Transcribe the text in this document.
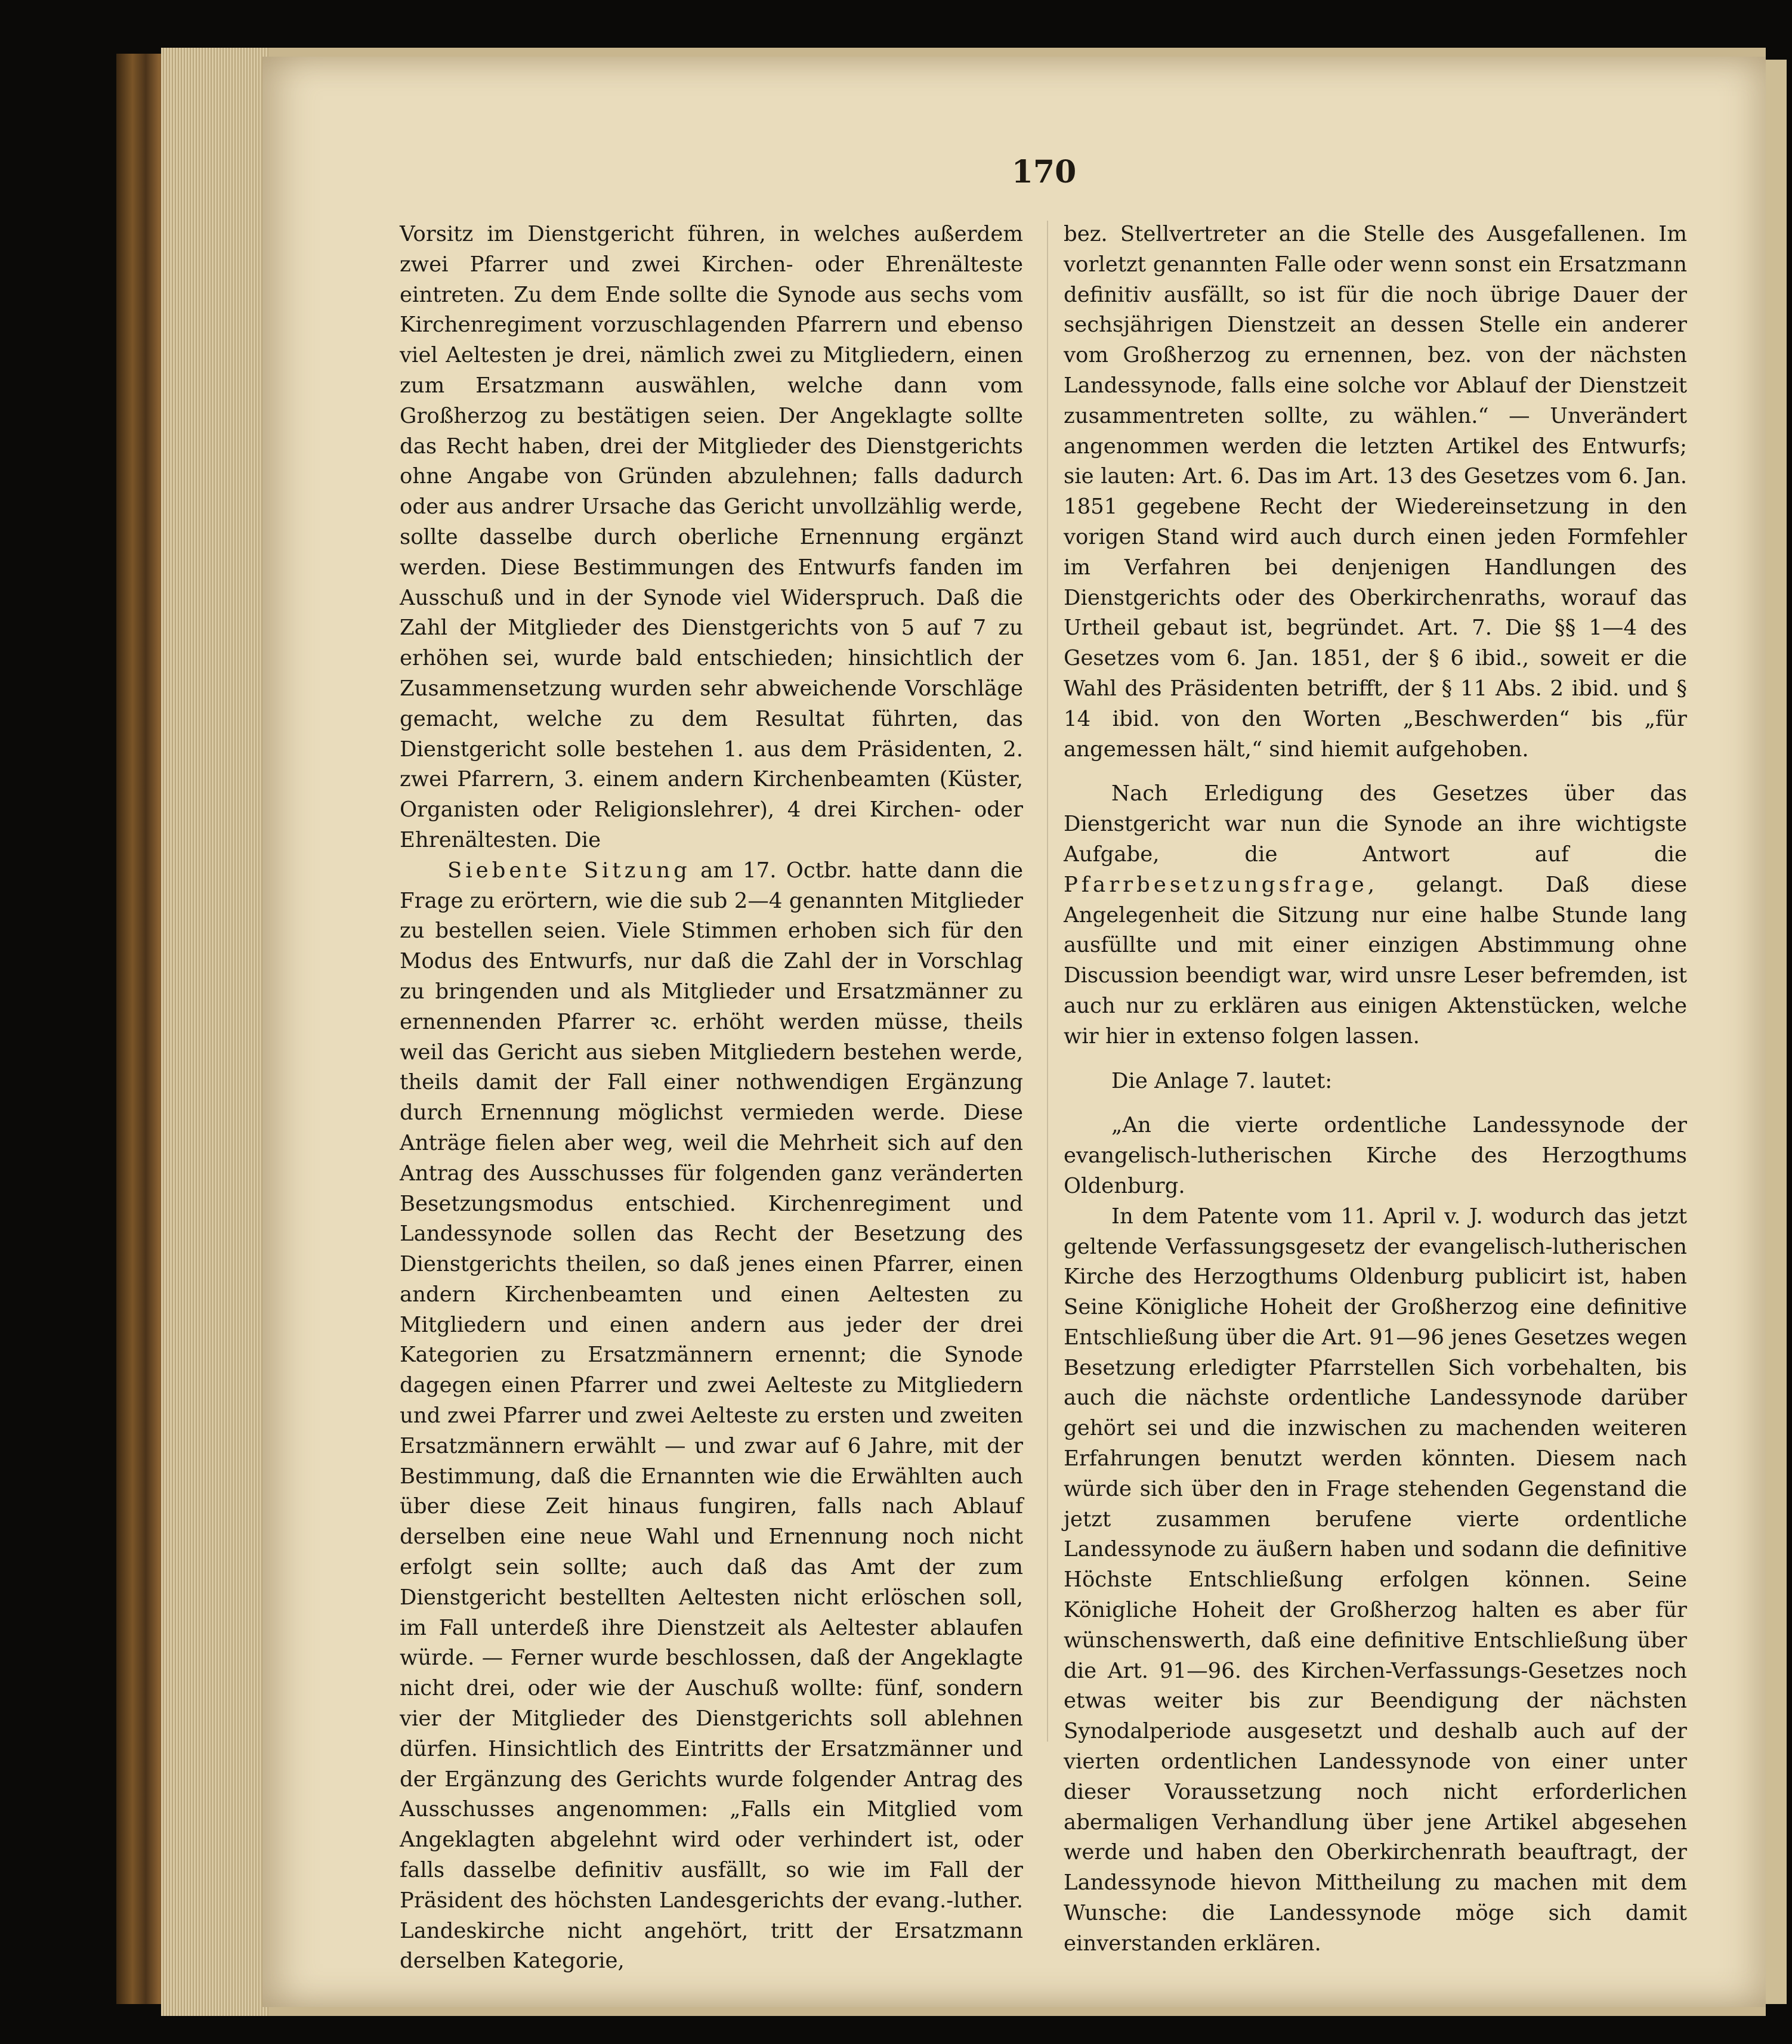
170

Vorsitz im Dienstgericht führen, in welches außerdem zwei Pfarrer und zwei Kirchen- oder Ehrenälteste eintreten. Zu dem Ende sollte die Synode aus sechs vom Kirchenregiment vorzuschlagenden Pfarrern und ebenso viel Aeltesten je drei, nämlich zwei zu Mitgliedern, einen zum Ersatzmann auswählen, welche dann vom Großherzog zu bestätigen seien. Der Angeklagte sollte das Recht haben, drei der Mitglieder des Dienstgerichts ohne Angabe von Gründen abzulehnen; falls dadurch oder aus andrer Ursache das Gericht unvollzählig werde, sollte dasselbe durch oberliche Ernennung ergänzt werden. Diese Bestimmungen des Entwurfs fanden im Ausschuß und in der Synode viel Widerspruch. Daß die Zahl der Mitglieder des Dienstgerichts von 5 auf 7 zu erhöhen sei, wurde bald entschieden; hinsichtlich der Zusammensetzung wurden sehr abweichende Vorschläge gemacht, welche zu dem Resultat führten, das Dienstgericht solle bestehen 1. aus dem Präsidenten, 2. zwei Pfarrern, 3. einem andern Kirchenbeamten (Küster, Organisten oder Religionslehrer), 4 drei Kirchen- oder Ehrenältesten. Die

Siebente Sitzung am 17. Octbr. hatte dann die Frage zu erörtern, wie die sub 2—4 genannten Mitglieder zu bestellen seien. Viele Stimmen erhoben sich für den Modus des Entwurfs, nur daß die Zahl der in Vorschlag zu bringenden und als Mitglieder und Ersatzmänner zu ernennenden Pfarrer ꝛc. erhöht werden müsse, theils weil das Gericht aus sieben Mitgliedern bestehen werde, theils damit der Fall einer nothwendigen Ergänzung durch Ernennung möglichst vermieden werde. Diese Anträge fielen aber weg, weil die Mehrheit sich auf den Antrag des Ausschusses für folgenden ganz veränderten Besetzungsmodus entschied. Kirchenregiment und Landessynode sollen das Recht der Besetzung des Dienstgerichts theilen, so daß jenes einen Pfarrer, einen andern Kirchenbeamten und einen Aeltesten zu Mitgliedern und einen andern aus jeder der drei Kategorien zu Ersatzmännern ernennt; die Synode dagegen einen Pfarrer und zwei Aelteste zu Mitgliedern und zwei Pfarrer und zwei Aelteste zu ersten und zweiten Ersatzmännern erwählt — und zwar auf 6 Jahre, mit der Bestimmung, daß die Ernannten wie die Erwählten auch über diese Zeit hinaus fungiren, falls nach Ablauf derselben eine neue Wahl und Ernennung noch nicht erfolgt sein sollte; auch daß das Amt der zum Dienstgericht bestellten Aeltesten nicht erlöschen soll, im Fall unterdeß ihre Dienstzeit als Aeltester ablaufen würde. — Ferner wurde beschlossen, daß der Angeklagte nicht drei, oder wie der Auschuß wollte: fünf, sondern vier der Mitglieder des Dienstgerichts soll ablehnen dürfen. Hinsichtlich des Eintritts der Ersatzmänner und der Ergänzung des Gerichts wurde folgender Antrag des Ausschusses angenommen: „Falls ein Mitglied vom Angeklagten abgelehnt wird oder verhindert ist, oder falls dasselbe definitiv ausfällt, so wie im Fall der Präsident des höchsten Landesgerichts der evang.-luther. Landeskirche nicht angehört, tritt der Ersatzmann derselben Kategorie,

bez. Stellvertreter an die Stelle des Ausgefallenen. Im vorletzt genannten Falle oder wenn sonst ein Ersatzmann definitiv ausfällt, so ist für die noch übrige Dauer der sechsjährigen Dienstzeit an dessen Stelle ein anderer vom Großherzog zu ernennen, bez. von der nächsten Landessynode, falls eine solche vor Ablauf der Dienstzeit zusammentreten sollte, zu wählen.“ — Unverändert angenommen werden die letzten Artikel des Entwurfs; sie lauten: Art. 6. Das im Art. 13 des Gesetzes vom 6. Jan. 1851 gegebene Recht der Wiedereinsetzung in den vorigen Stand wird auch durch einen jeden Formfehler im Verfahren bei denjenigen Handlungen des Dienstgerichts oder des Oberkirchenraths, worauf das Urtheil gebaut ist, begründet. Art. 7. Die §§ 1—4 des Gesetzes vom 6. Jan. 1851, der § 6 ibid., soweit er die Wahl des Präsidenten betrifft, der § 11 Abs. 2 ibid. und § 14 ibid. von den Worten „Beschwerden“ bis „für angemessen hält,“ sind hiemit aufgehoben.

Nach Erledigung des Gesetzes über das Dienstgericht war nun die Synode an ihre wichtigste Aufgabe, die Antwort auf die Pfarrbesetzungsfrage, gelangt. Daß diese Angelegenheit die Sitzung nur eine halbe Stunde lang ausfüllte und mit einer einzigen Abstimmung ohne Discussion beendigt war, wird unsre Leser befremden, ist auch nur zu erklären aus einigen Aktenstücken, welche wir hier in extenso folgen lassen.

Die Anlage 7. lautet:

„An die vierte ordentliche Landessynode der evangelisch-lutherischen Kirche des Herzogthums Oldenburg.

In dem Patente vom 11. April v. J. wodurch das jetzt geltende Verfassungsgesetz der evangelisch-lutherischen Kirche des Herzogthums Oldenburg publicirt ist, haben Seine Königliche Hoheit der Großherzog eine definitive Entschließung über die Art. 91—96 jenes Gesetzes wegen Besetzung erledigter Pfarrstellen Sich vorbehalten, bis auch die nächste ordentliche Landessynode darüber gehört sei und die inzwischen zu machenden weiteren Erfahrungen benutzt werden könnten. Diesem nach würde sich über den in Frage stehenden Gegenstand die jetzt zusammen berufene vierte ordentliche Landessynode zu äußern haben und sodann die definitive Höchste Entschließung erfolgen können. Seine Königliche Hoheit der Großherzog halten es aber für wünschenswerth, daß eine definitive Entschließung über die Art. 91—96. des Kirchen-Verfassungs-Gesetzes noch etwas weiter bis zur Beendigung der nächsten Synodalperiode ausgesetzt und deshalb auch auf der vierten ordentlichen Landessynode von einer unter dieser Voraussetzung noch nicht erforderlichen abermaligen Verhandlung über jene Artikel abgesehen werde und haben den Oberkirchenrath beauftragt, der Landessynode hievon Mittheilung zu machen mit dem Wunsche: die Landessynode möge sich damit einverstanden erklären.
